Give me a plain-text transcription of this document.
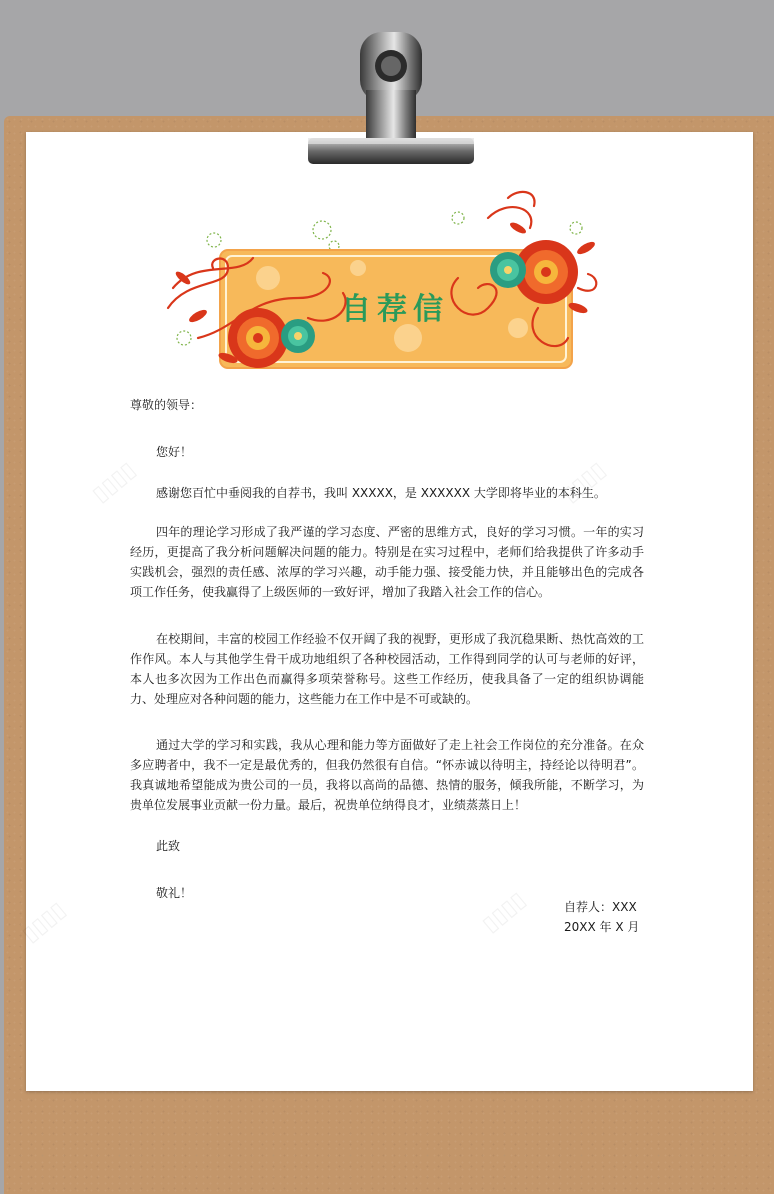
▯▯▯▯	▯▯▯▯
▯▯▯▯	▯▯▯▯
自荐信

尊敬的领导：

您好！

感谢您百忙中垂阅我的自荐书，我叫 XXXXX，是 XXXXXX 大学即将毕业的本科生。

四年的理论学习形成了我严谨的学习态度、严密的思维方式，良好的学习习惯。一年的实习经历，更提高了我分析问题解决问题的能力。特别是在实习过程中，老师们给我提供了许多动手实践机会，强烈的责任感、浓厚的学习兴趣，动手能力强、接受能力快，并且能够出色的完成各项工作任务，使我赢得了上级医师的一致好评，增加了我踏入社会工作的信心。

在校期间，丰富的校园工作经验不仅开阔了我的视野，更形成了我沉稳果断、热忱高效的工作作风。本人与其他学生骨干成功地组织了各种校园活动，工作得到同学的认可与老师的好评，本人也多次因为工作出色而赢得多项荣誉称号。这些工作经历，使我具备了一定的组织协调能力、处理应对各种问题的能力，这些能力在工作中是不可或缺的。

通过大学的学习和实践，我从心理和能力等方面做好了走上社会工作岗位的充分准备。在众多应聘者中，我不一定是最优秀的，但我仍然很有自信。“怀赤诚以待明主，持经论以待明君”。我真诚地希望能成为贵公司的一员，我将以高尚的品德、热情的服务，倾我所能，不断学习，为贵单位发展事业贡献一份力量。最后，祝贵单位纳得良才，业绩蒸蒸日上！

此致

敬礼！

自荐人：XXX
20XX 年 X 月
